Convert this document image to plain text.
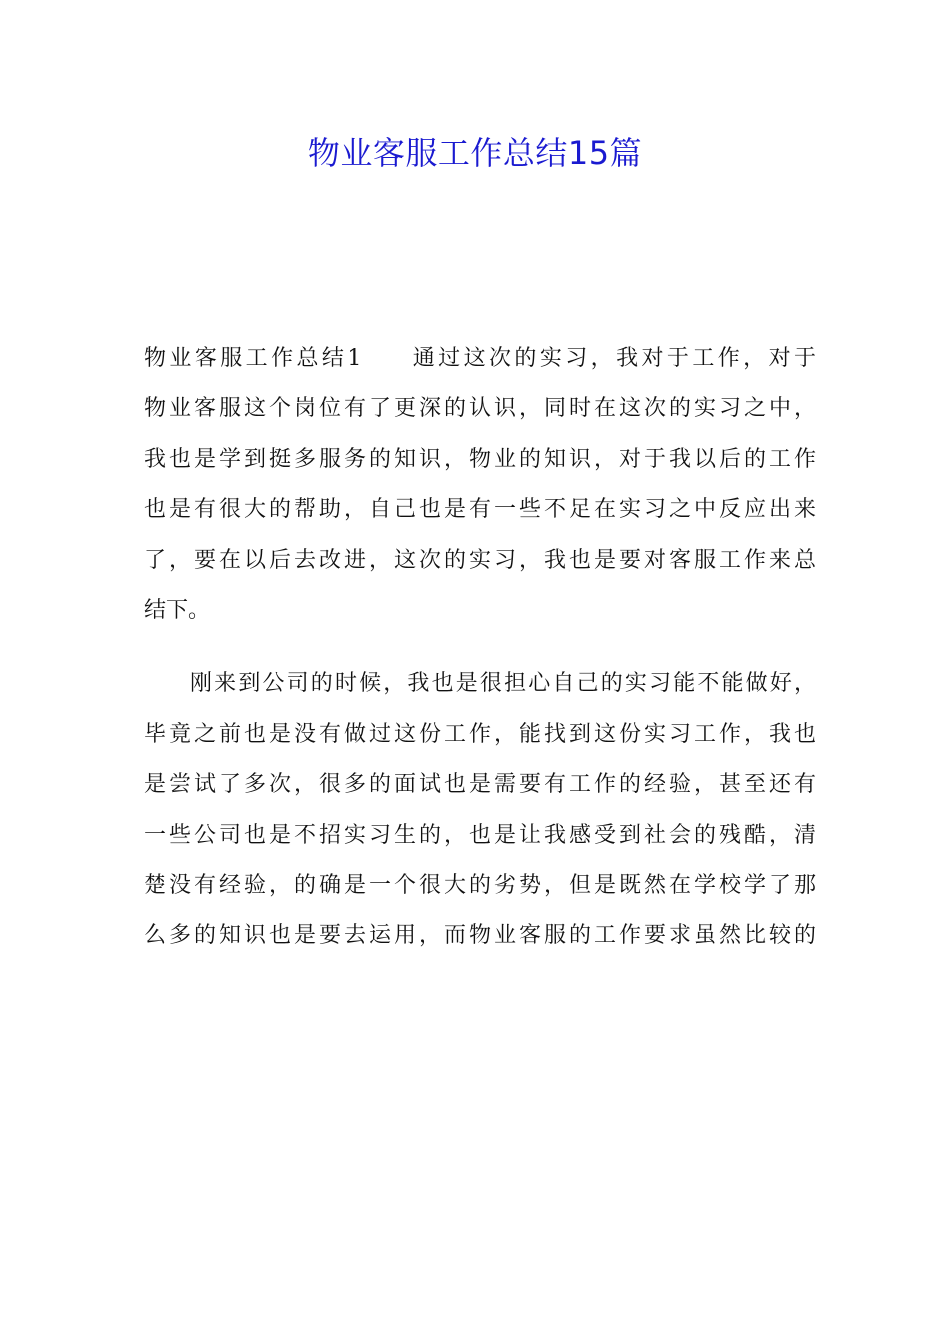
物业客服工作总结15篇
物业客服工作总结1 通过这次的实习，我对于工作，对于
物业客服这个岗位有了更深的认识，同时在这次的实习之中，
我也是学到挺多服务的知识，物业的知识，对于我以后的工作
也是有很大的帮助，自己也是有一些不足在实习之中反应出来
了，要在以后去改进，这次的实习，我也是要对客服工作来总
结下。
刚来到公司的时候，我也是很担心自己的实习能不能做好，
毕竟之前也是没有做过这份工作，能找到这份实习工作，我也
是尝试了多次，很多的面试也是需要有工作的经验，甚至还有
一些公司也是不招实习生的，也是让我感受到社会的残酷，清
楚没有经验，的确是一个很大的劣势，但是既然在学校学了那
么多的知识也是要去运用，而物业客服的工作要求虽然比较的
